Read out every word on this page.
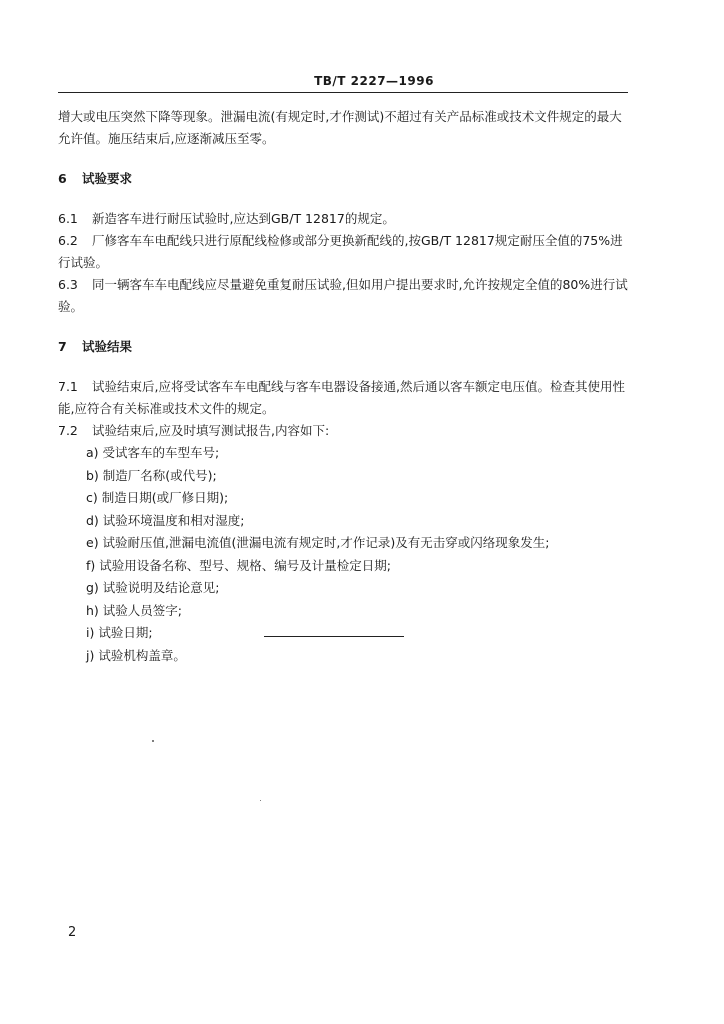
TB/T 2227—1996

增大或电压突然下降等现象。泄漏电流(有规定时,才作测试)不超过有关产品标准或技术文件规定的最大允许值。施压结束后,应逐渐减压至零。

6 试验要求

6.1 新造客车进行耐压试验时,应达到GB/T 12817的规定。

6.2 厂修客车车电配线只进行原配线检修或部分更换新配线的,按GB/T 12817规定耐压全值的75%进行试验。

6.3 同一辆客车车电配线应尽量避免重复耐压试验,但如用户提出要求时,允许按规定全值的80%进行试验。

7 试验结果

7.1 试验结束后,应将受试客车车电配线与客车电器设备接通,然后通以客车额定电压值。检查其使用性能,应符合有关标准或技术文件的规定。

7.2 试验结束后,应及时填写测试报告,内容如下:

a) 受试客车的车型车号;
b) 制造厂名称(或代号);
c) 制造日期(或厂修日期);
d) 试验环境温度和相对湿度;
e) 试验耐压值,泄漏电流值(泄漏电流有规定时,才作记录)及有无击穿或闪络现象发生;
f) 试验用设备名称、型号、规格、编号及计量检定日期;
g) 试验说明及结论意见;
h) 试验人员签字;
i) 试验日期;
j) 试验机构盖章。
2
